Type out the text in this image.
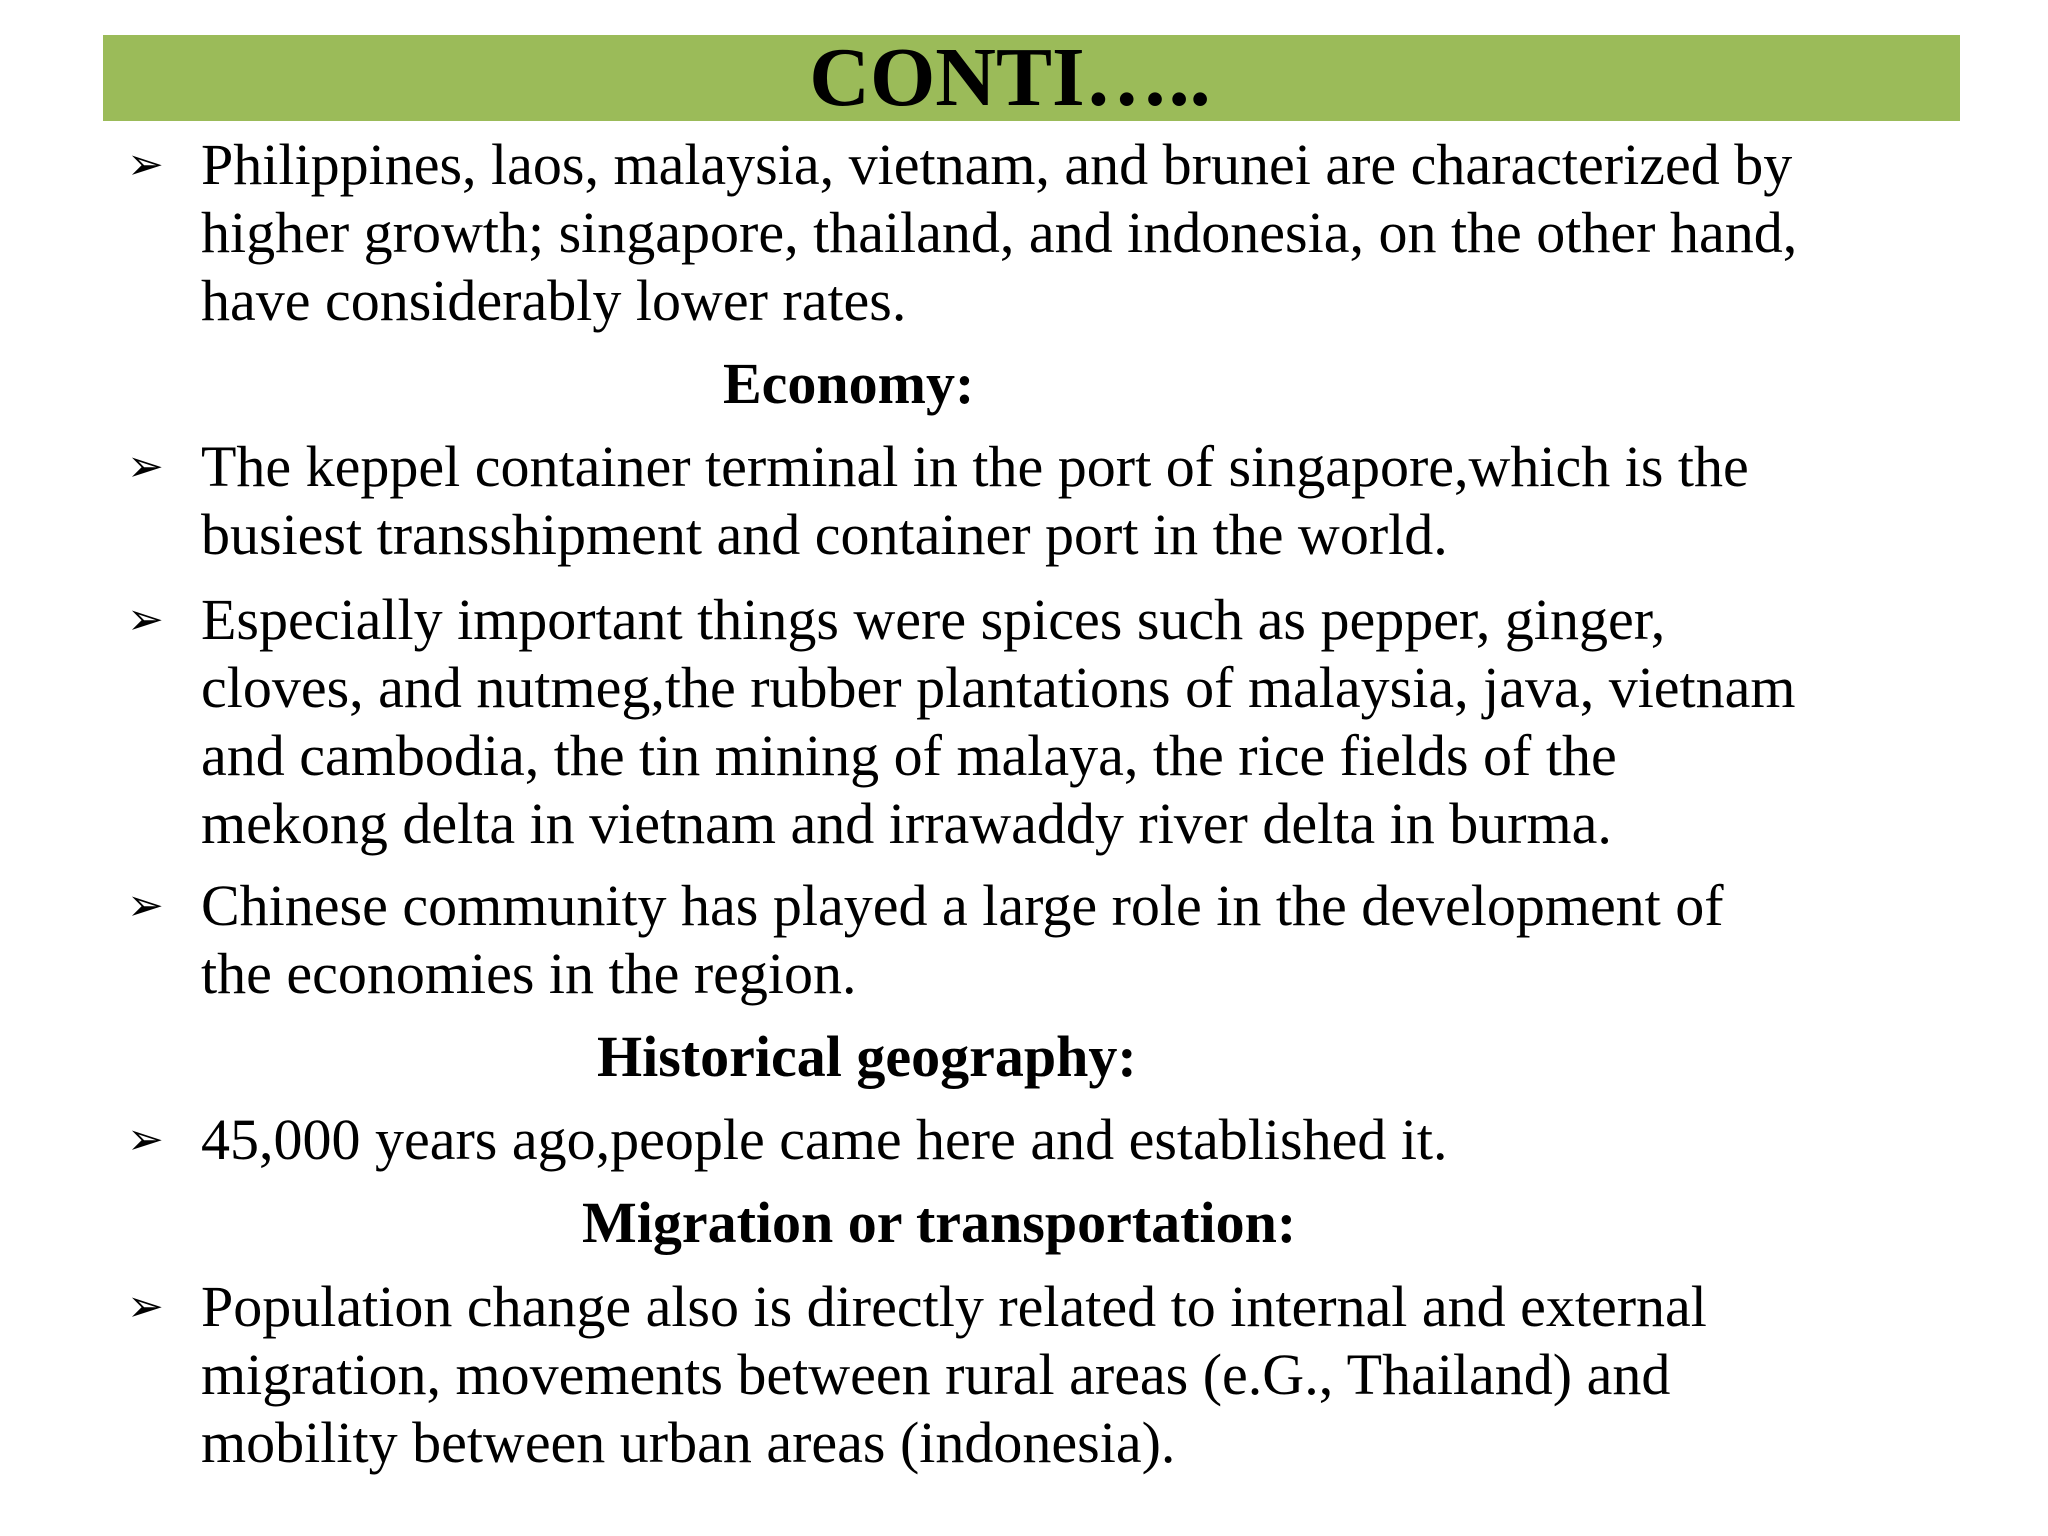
CONTI…..
➢ Philippines, laos, malaysia, vietnam, and brunei are characterized by
higher growth; singapore, thailand, and indonesia, on the other hand,
have considerably lower rates.
Economy:
➢ The keppel container terminal in the port of singapore,which is the
busiest transshipment and container port in the world.
➢ Especially important things were spices such as pepper, ginger,
cloves, and nutmeg,the rubber plantations of malaysia, java, vietnam
and cambodia, the tin mining of malaya, the rice fields of the
mekong delta in vietnam and irrawaddy river delta in burma.
➢ Chinese community has played a large role in the development of
the economies in the region.
Historical geography:
➢ 45,000 years ago,people came here and established it.
Migration or transportation:
➢ Population change also is directly related to internal and external
migration, movements between rural areas (e.G., Thailand) and
mobility between urban areas (indonesia).
